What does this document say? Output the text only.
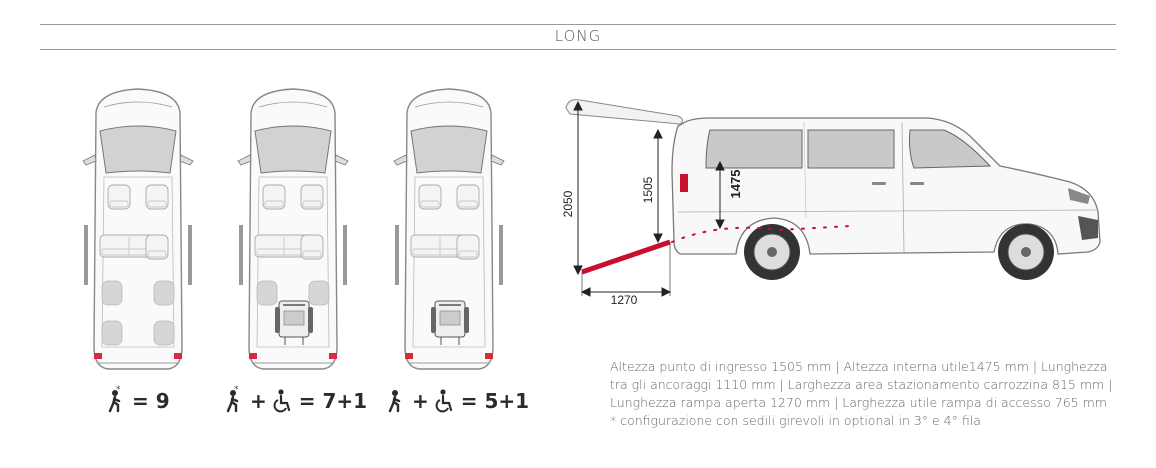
LONG
* = 9	* + = 7+1 + = 5+1
2050
1505	1475
1270
Altezza punto di ingresso 1505 mm | Altezza interna utile1475 mm | Lunghezza
tra gli ancoraggi 1110 mm | Larghezza area stazionamento carrozzina 815 mm |
Lunghezza rampa aperta 1270 mm | Larghezza utile rampa di accesso 765 mm
* configurazione con sedili girevoli in optional in 3° e 4° fila
